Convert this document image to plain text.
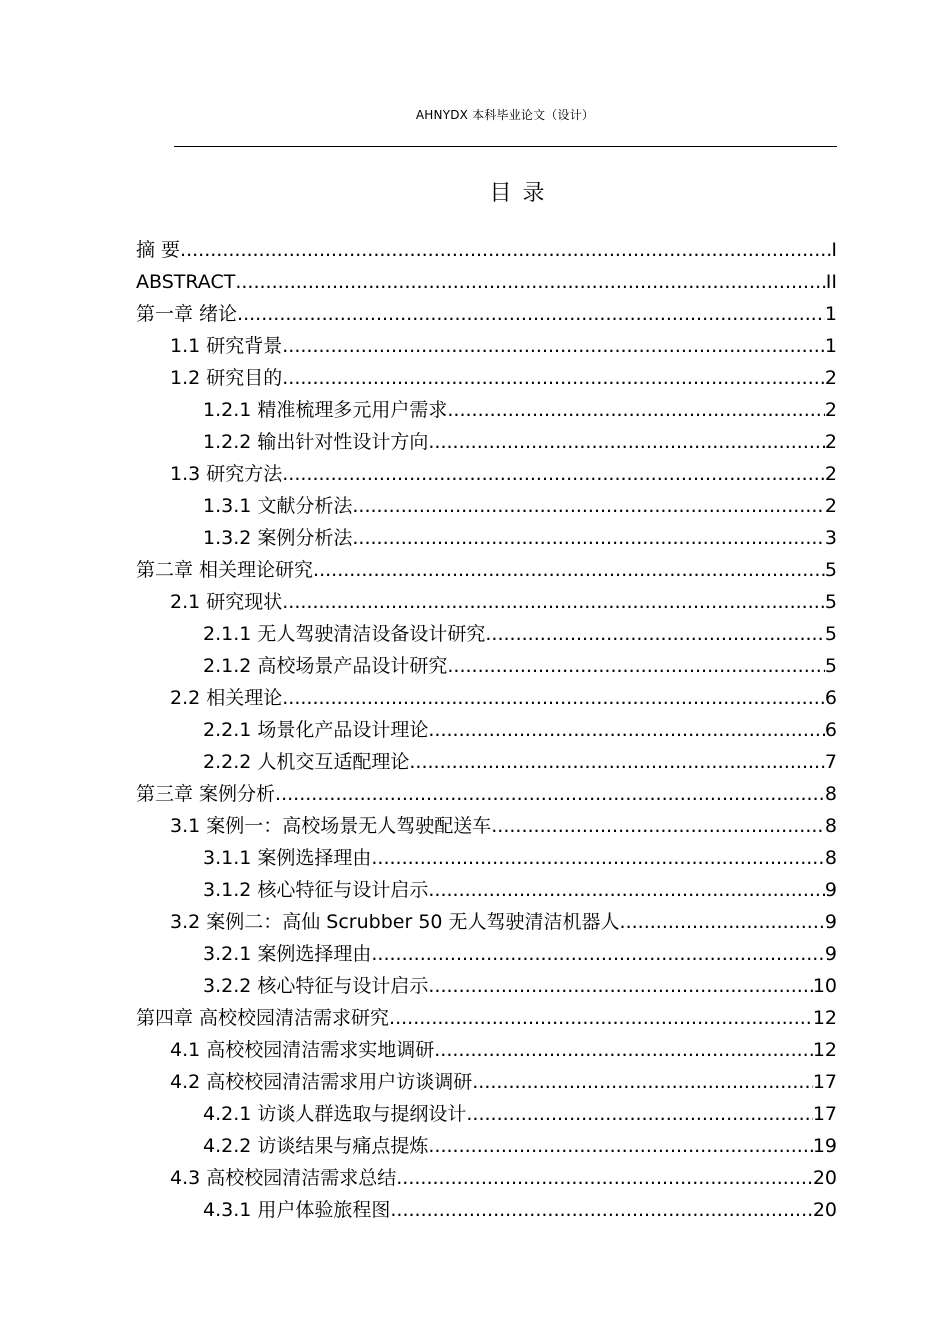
AHNYDX 本科毕业论文（设计）
目 录
摘 要 .....	I
ABSTRACT .....	II
第一章 绪论 .....	1
1.1 研究背景 .....	1
1.2 研究目的 .....	2
1.2.1 精准梳理多元用户需求 .....	2
1.2.2 输出针对性设计方向 .....	2
1.3 研究方法 .....	2
1.3.1 文献分析法 .....	2
1.3.2 案例分析法 .....	3
第二章 相关理论研究 .....	5
2.1 研究现状 .....	5
2.1.1 无人驾驶清洁设备设计研究 .....	5
2.1.2 高校场景产品设计研究 .....	5
2.2 相关理论 .....	6
2.2.1 场景化产品设计理论 .....	6
2.2.2 人机交互适配理论 .....	7
第三章 案例分析 .....	8
3.1 案例一：高校场景无人驾驶配送车 .....	8
3.1.1 案例选择理由 .....	8
3.1.2 核心特征与设计启示 .....	9
3.2 案例二：高仙 Scrubber 50 无人驾驶清洁机器人 .....	9
3.2.1 案例选择理由 .....	9
3.2.2 核心特征与设计启示 .....	10
第四章 高校校园清洁需求研究 .....	12
4.1 高校校园清洁需求实地调研 .....	12
4.2 高校校园清洁需求用户访谈调研 .....	17
4.2.1 访谈人群选取与提纲设计 .....	17
4.2.2 访谈结果与痛点提炼 .....	19
4.3 高校校园清洁需求总结 .....	20
4.3.1 用户体验旅程图 .....	20
